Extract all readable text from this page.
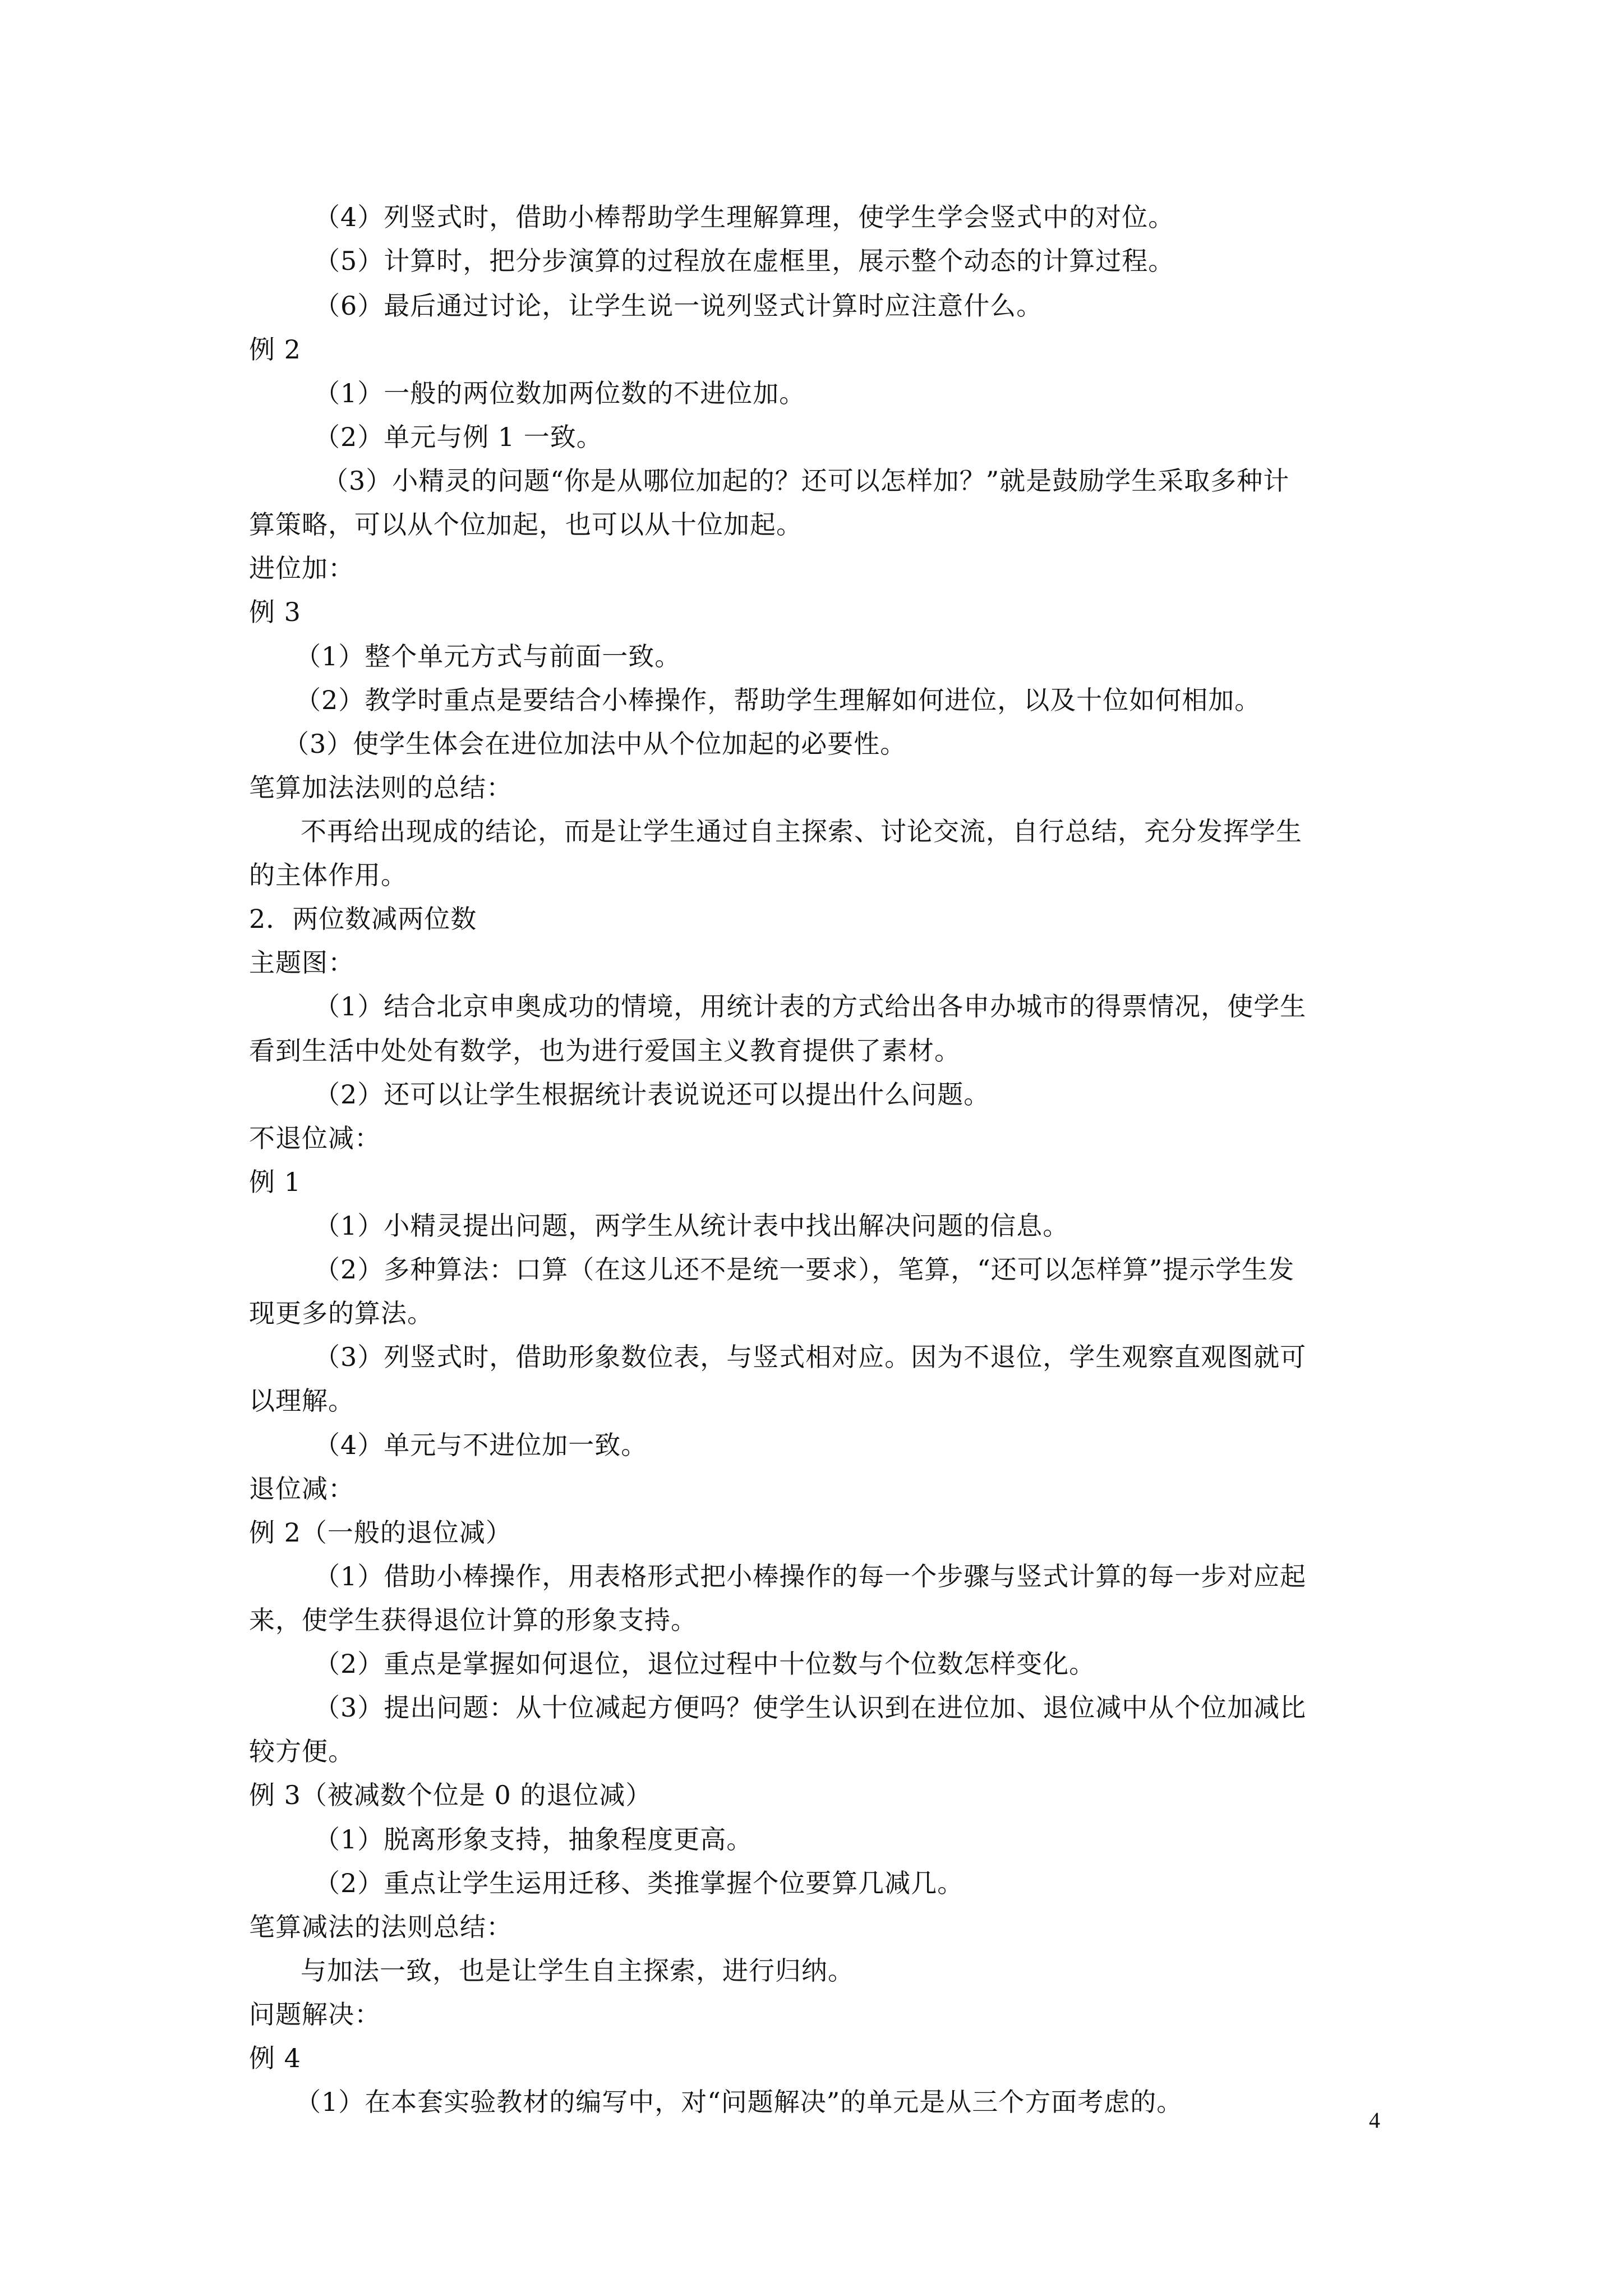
（4）列竖式时，借助小棒帮助学生理解算理，使学生学会竖式中的对位。
（5）计算时，把分步演算的过程放在虚框里，展示整个动态的计算过程。
（6）最后通过讨论，让学生说一说列竖式计算时应注意什么。
例 2
（1）一般的两位数加两位数的不进位加。
（2）单元与例 1 一致。
（3）小精灵的问题“你是从哪位加起的？还可以怎样加？”就是鼓励学生采取多种计
算策略，可以从个位加起，也可以从十位加起。
进位加：
例 3
（1）整个单元方式与前面一致。
（2）教学时重点是要结合小棒操作，帮助学生理解如何进位，以及十位如何相加。
（3）使学生体会在进位加法中从个位加起的必要性。
笔算加法法则的总结：
不再给出现成的结论，而是让学生通过自主探索、讨论交流，自行总结，充分发挥学生
的主体作用。
2．两位数减两位数
主题图：
（1）结合北京申奥成功的情境，用统计表的方式给出各申办城市的得票情况，使学生
看到生活中处处有数学，也为进行爱国主义教育提供了素材。
（2）还可以让学生根据统计表说说还可以提出什么问题。
不退位减：
例 1
（1）小精灵提出问题，两学生从统计表中找出解决问题的信息。
（2）多种算法：口算（在这儿还不是统一要求），笔算，“还可以怎样算”提示学生发
现更多的算法。
（3）列竖式时，借助形象数位表，与竖式相对应。因为不退位，学生观察直观图就可
以理解。
（4）单元与不进位加一致。
退位减：
例 2（一般的退位减）
（1）借助小棒操作，用表格形式把小棒操作的每一个步骤与竖式计算的每一步对应起
来，使学生获得退位计算的形象支持。
（2）重点是掌握如何退位，退位过程中十位数与个位数怎样变化。
（3）提出问题：从十位减起方便吗？使学生认识到在进位加、退位减中从个位加减比
较方便。
例 3（被减数个位是 0 的退位减）
（1）脱离形象支持，抽象程度更高。
（2）重点让学生运用迁移、类推掌握个位要算几减几。
笔算减法的法则总结：
与加法一致，也是让学生自主探索，进行归纳。
问题解决：
例 4
（1）在本套实验教材的编写中，对“问题解决”的单元是从三个方面考虑的。
4
